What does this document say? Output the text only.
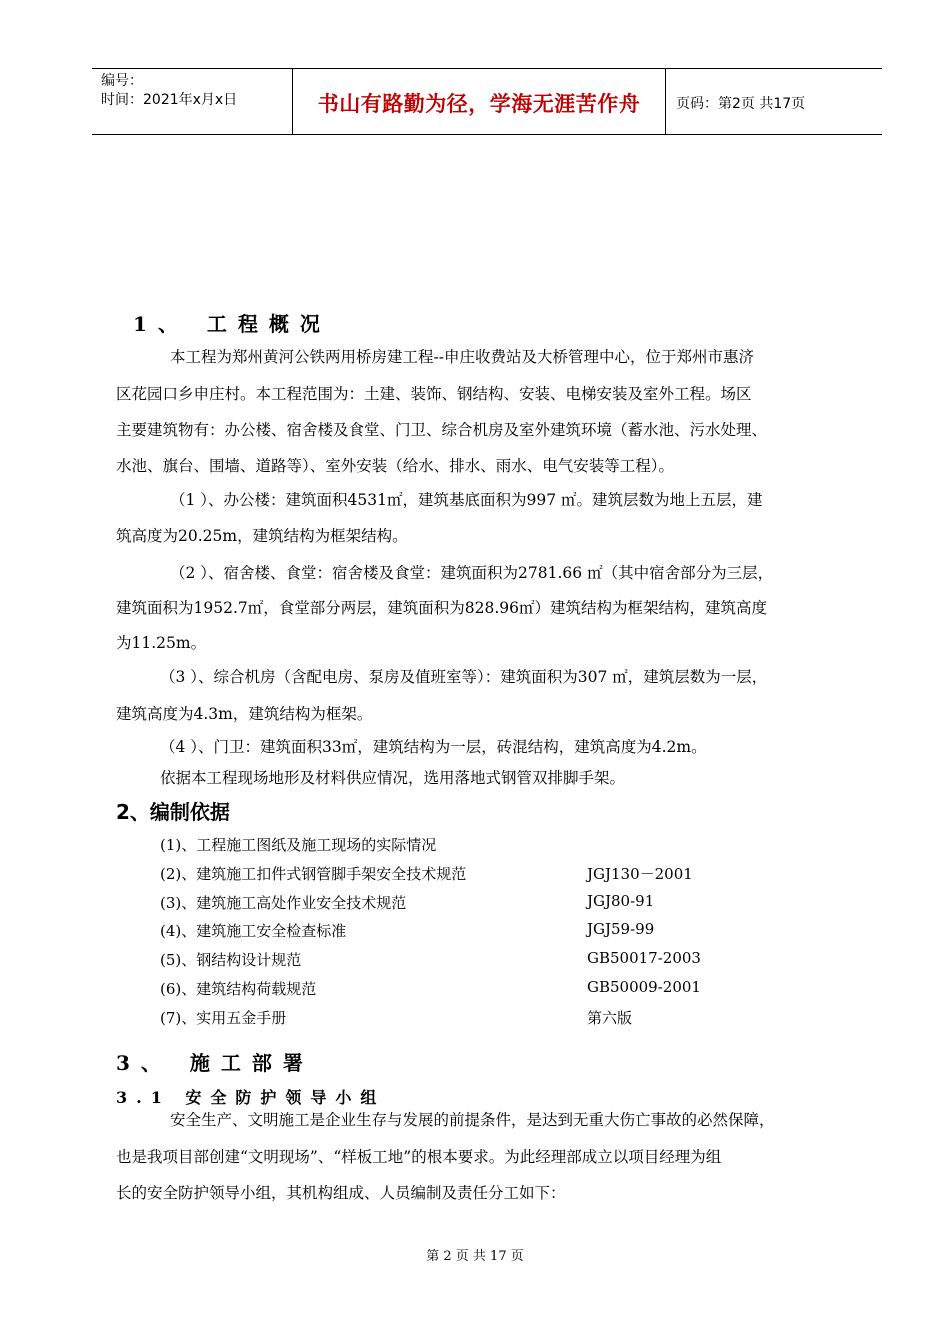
编号：
时间：2021年x月x日	书山有路勤为径，学海无涯苦作舟	页码：第2页 共17页
1、 工程概况
本工程为郑州黄河公铁两用桥房建工程--申庄收费站及大桥管理中心，位于郑州市惠济
区花园口乡申庄村。本工程范围为：土建、装饰、钢结构、安装、电梯安装及室外工程。场区
主要建筑物有：办公楼、宿舍楼及食堂、门卫、综合机房及室外建筑环境（蓄水池、污水处理、
水池、旗台、围墙、道路等）、室外安装（给水、排水、雨水、电气安装等工程）。
（1 ）、办公楼：建筑面积4531㎡，建筑基底面积为997 ㎡。建筑层数为地上五层，建
筑高度为20.25m，建筑结构为框架结构。
（2 ）、宿舍楼、食堂：宿舍楼及食堂：建筑面积为2781.66 ㎡（其中宿舍部分为三层，
建筑面积为1952.7㎡，食堂部分两层，建筑面积为828.96㎡）建筑结构为框架结构，建筑高度
为11.25m。
（3 ）、综合机房（含配电房、泵房及值班室等）：建筑面积为307 ㎡，建筑层数为一层，
建筑高度为4.3m，建筑结构为框架。
（4 ）、门卫：建筑面积33㎡，建筑结构为一层，砖混结构，建筑高度为4.2m。
依据本工程现场地形及材料供应情况，选用落地式钢管双排脚手架。
2、编制依据
(1)、工程施工图纸及施工现场的实际情况
(2)、建筑施工扣件式钢管脚手架安全技术规范	JGJ130－2001
(3)、建筑施工高处作业安全技术规范	JGJ80-91
(4)、建筑施工安全检查标准	JGJ59-99
(5)、钢结构设计规范	GB50017-2003
(6)、建筑结构荷载规范	GB50009-2001
(7)、实用五金手册	第六版
3、 施工部署
3.1 安全防护领导小组
安全生产、文明施工是企业生存与发展的前提条件，是达到无重大伤亡事故的必然保障，
也是我项目部创建“文明现场”、“样板工地”的根本要求。为此经理部成立以项目经理为组
长的安全防护领导小组，其机构组成、人员编制及责任分工如下：
第 2 页 共 17 页
